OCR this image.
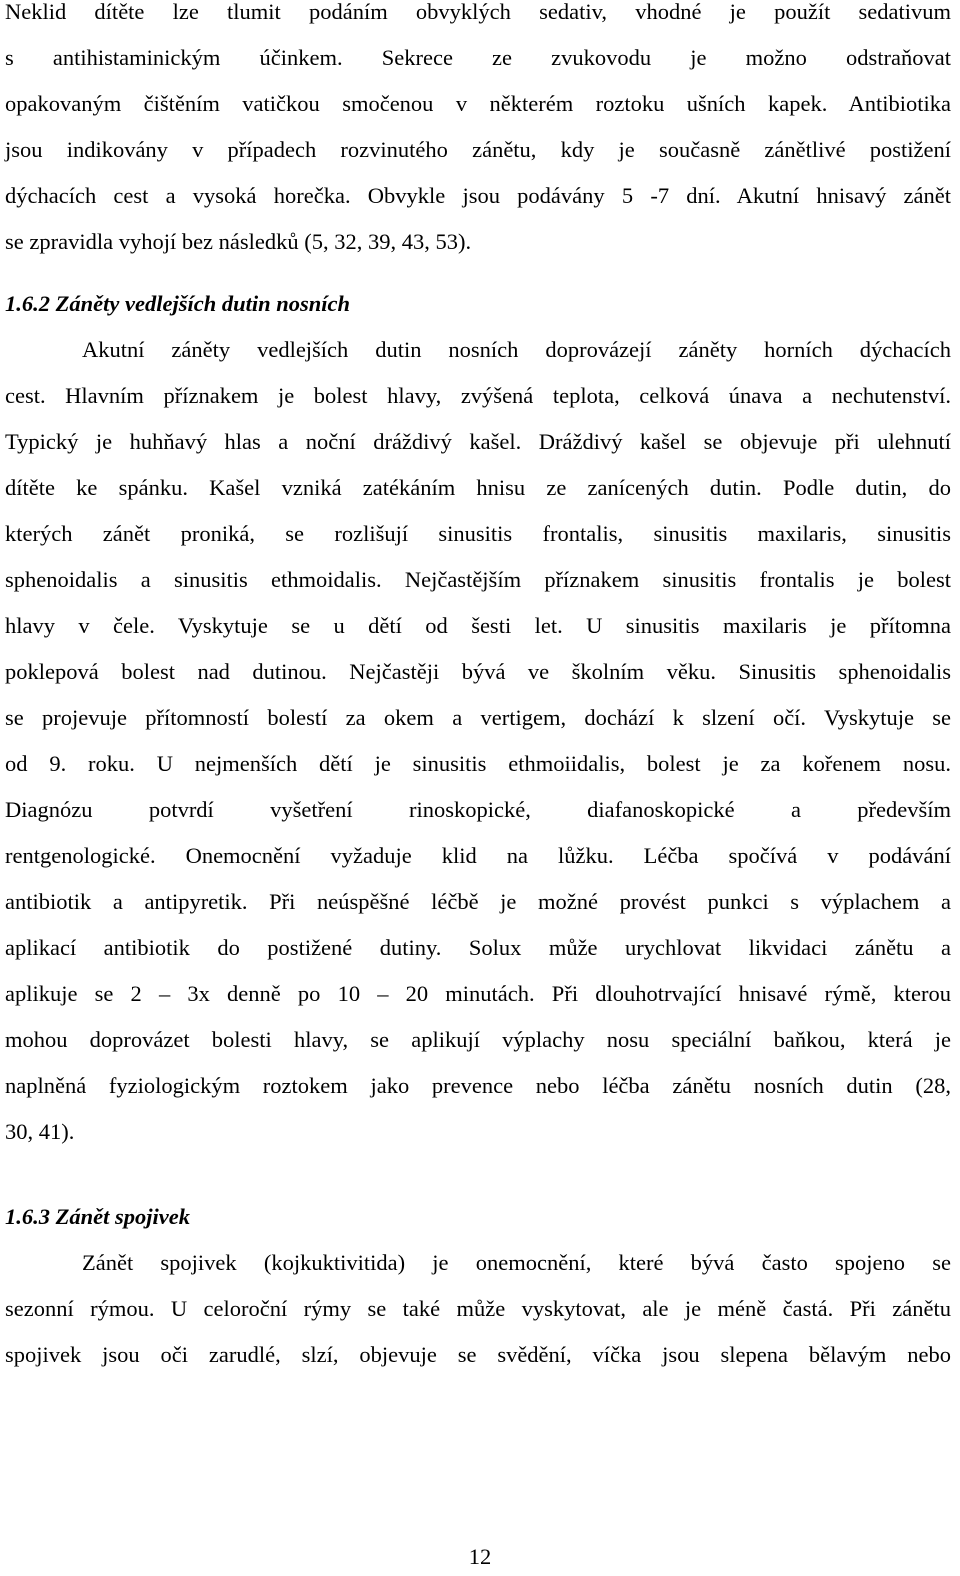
Neklid dítěte lze tlumit podáním obvyklých sedativ, vhodné je použít sedativum
s antihistaminickým účinkem. Sekrece ze zvukovodu je možno odstraňovat
opakovaným čištěním vatičkou smočenou v některém roztoku ušních kapek. Antibiotika
jsou indikovány v případech rozvinutého zánětu, kdy je současně zánětlivé postižení
dýchacích cest a vysoká horečka. Obvykle jsou podávány 5 -7 dní. Akutní hnisavý zánět
se zpravidla vyhojí bez následků (5, 32, 39, 43, 53).
1.6.2 Záněty vedlejších dutin nosních
Akutní záněty vedlejších dutin nosních doprovázejí záněty horních dýchacích
cest. Hlavním příznakem je bolest hlavy, zvýšená teplota, celková únava a nechutenství.
Typický je huhňavý hlas a noční dráždivý kašel. Dráždivý kašel se objevuje při ulehnutí
dítěte ke spánku. Kašel vzniká zatékáním hnisu ze zanícených dutin. Podle dutin, do
kterých zánět proniká, se rozlišují sinusitis frontalis, sinusitis maxilaris, sinusitis
sphenoidalis a sinusitis ethmoidalis. Nejčastějším příznakem sinusitis frontalis je bolest
hlavy v čele. Vyskytuje se u dětí od šesti let. U sinusitis maxilaris je přítomna
poklepová bolest nad dutinou. Nejčastěji bývá ve školním věku. Sinusitis sphenoidalis
se projevuje přítomností bolestí za okem a vertigem, dochází k slzení očí. Vyskytuje se
od 9. roku. U nejmenších dětí je sinusitis ethmoiidalis, bolest je za kořenem nosu.
Diagnózu potvrdí vyšetření rinoskopické, diafanoskopické a především
rentgenologické. Onemocnění vyžaduje klid na lůžku. Léčba spočívá v podávání
antibiotik a antipyretik. Při neúspěšné léčbě je možné provést punkci s výplachem a
aplikací antibiotik do postižené dutiny. Solux může urychlovat likvidaci zánětu a
aplikuje se 2 – 3x denně po 10 – 20 minutách. Při dlouhotrvající hnisavé rýmě, kterou
mohou doprovázet bolesti hlavy, se aplikují výplachy nosu speciální baňkou, která je
naplněná fyziologickým roztokem jako prevence nebo léčba zánětu nosních dutin (28,
30, 41).
1.6.3 Zánět spojivek
Zánět spojivek (kojkuktivitida) je onemocnění, které bývá často spojeno se
sezonní rýmou. U celoroční rýmy se také může vyskytovat, ale je méně častá. Při zánětu
spojivek jsou oči zarudlé, slzí, objevuje se svědění, víčka jsou slepena bělavým nebo
12
